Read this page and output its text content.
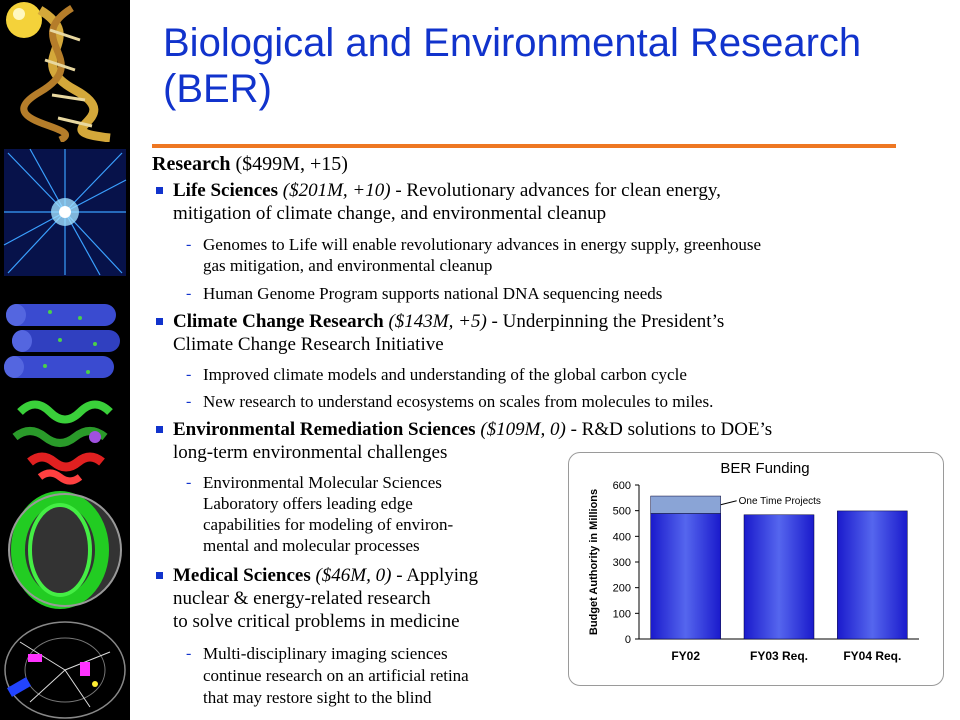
Biological and Environmental Research (BER)

Research ($499M, +15)

Life Sciences ($201M, +10) - Revolutionary advances for clean energy,

mitigation of climate change, and environmental cleanup

- Genomes to Life will enable revolutionary advances in energy supply, greenhouse

gas mitigation, and environmental cleanup

- Human Genome Program supports national DNA sequencing needs

Climate Change Research ($143M, +5) - Underpinning the President’s

Climate Change Research Initiative

- Improved climate models and understanding of the global carbon cycle

- New research to understand ecosystems on scales from molecules to miles.

Environmental Remediation Sciences ($109M, 0) - R&D solutions to DOE’s

long-term environmental challenges

- Environmental Molecular Sciences

Laboratory offers leading edge

capabilities for modeling of environ-

mental and molecular processes

Medical Sciences ($46M, 0) - Applying

nuclear & energy-related research

to solve critical problems in medicine

- Multi-disciplinary imaging sciences

continue research on an artificial retina

that may restore sight to the blind

BER Funding
Budget Authority in Millions
0
100
200
300
400
500
600
FY02	FY03 Req.	FY04 Req.
One Time Projects
